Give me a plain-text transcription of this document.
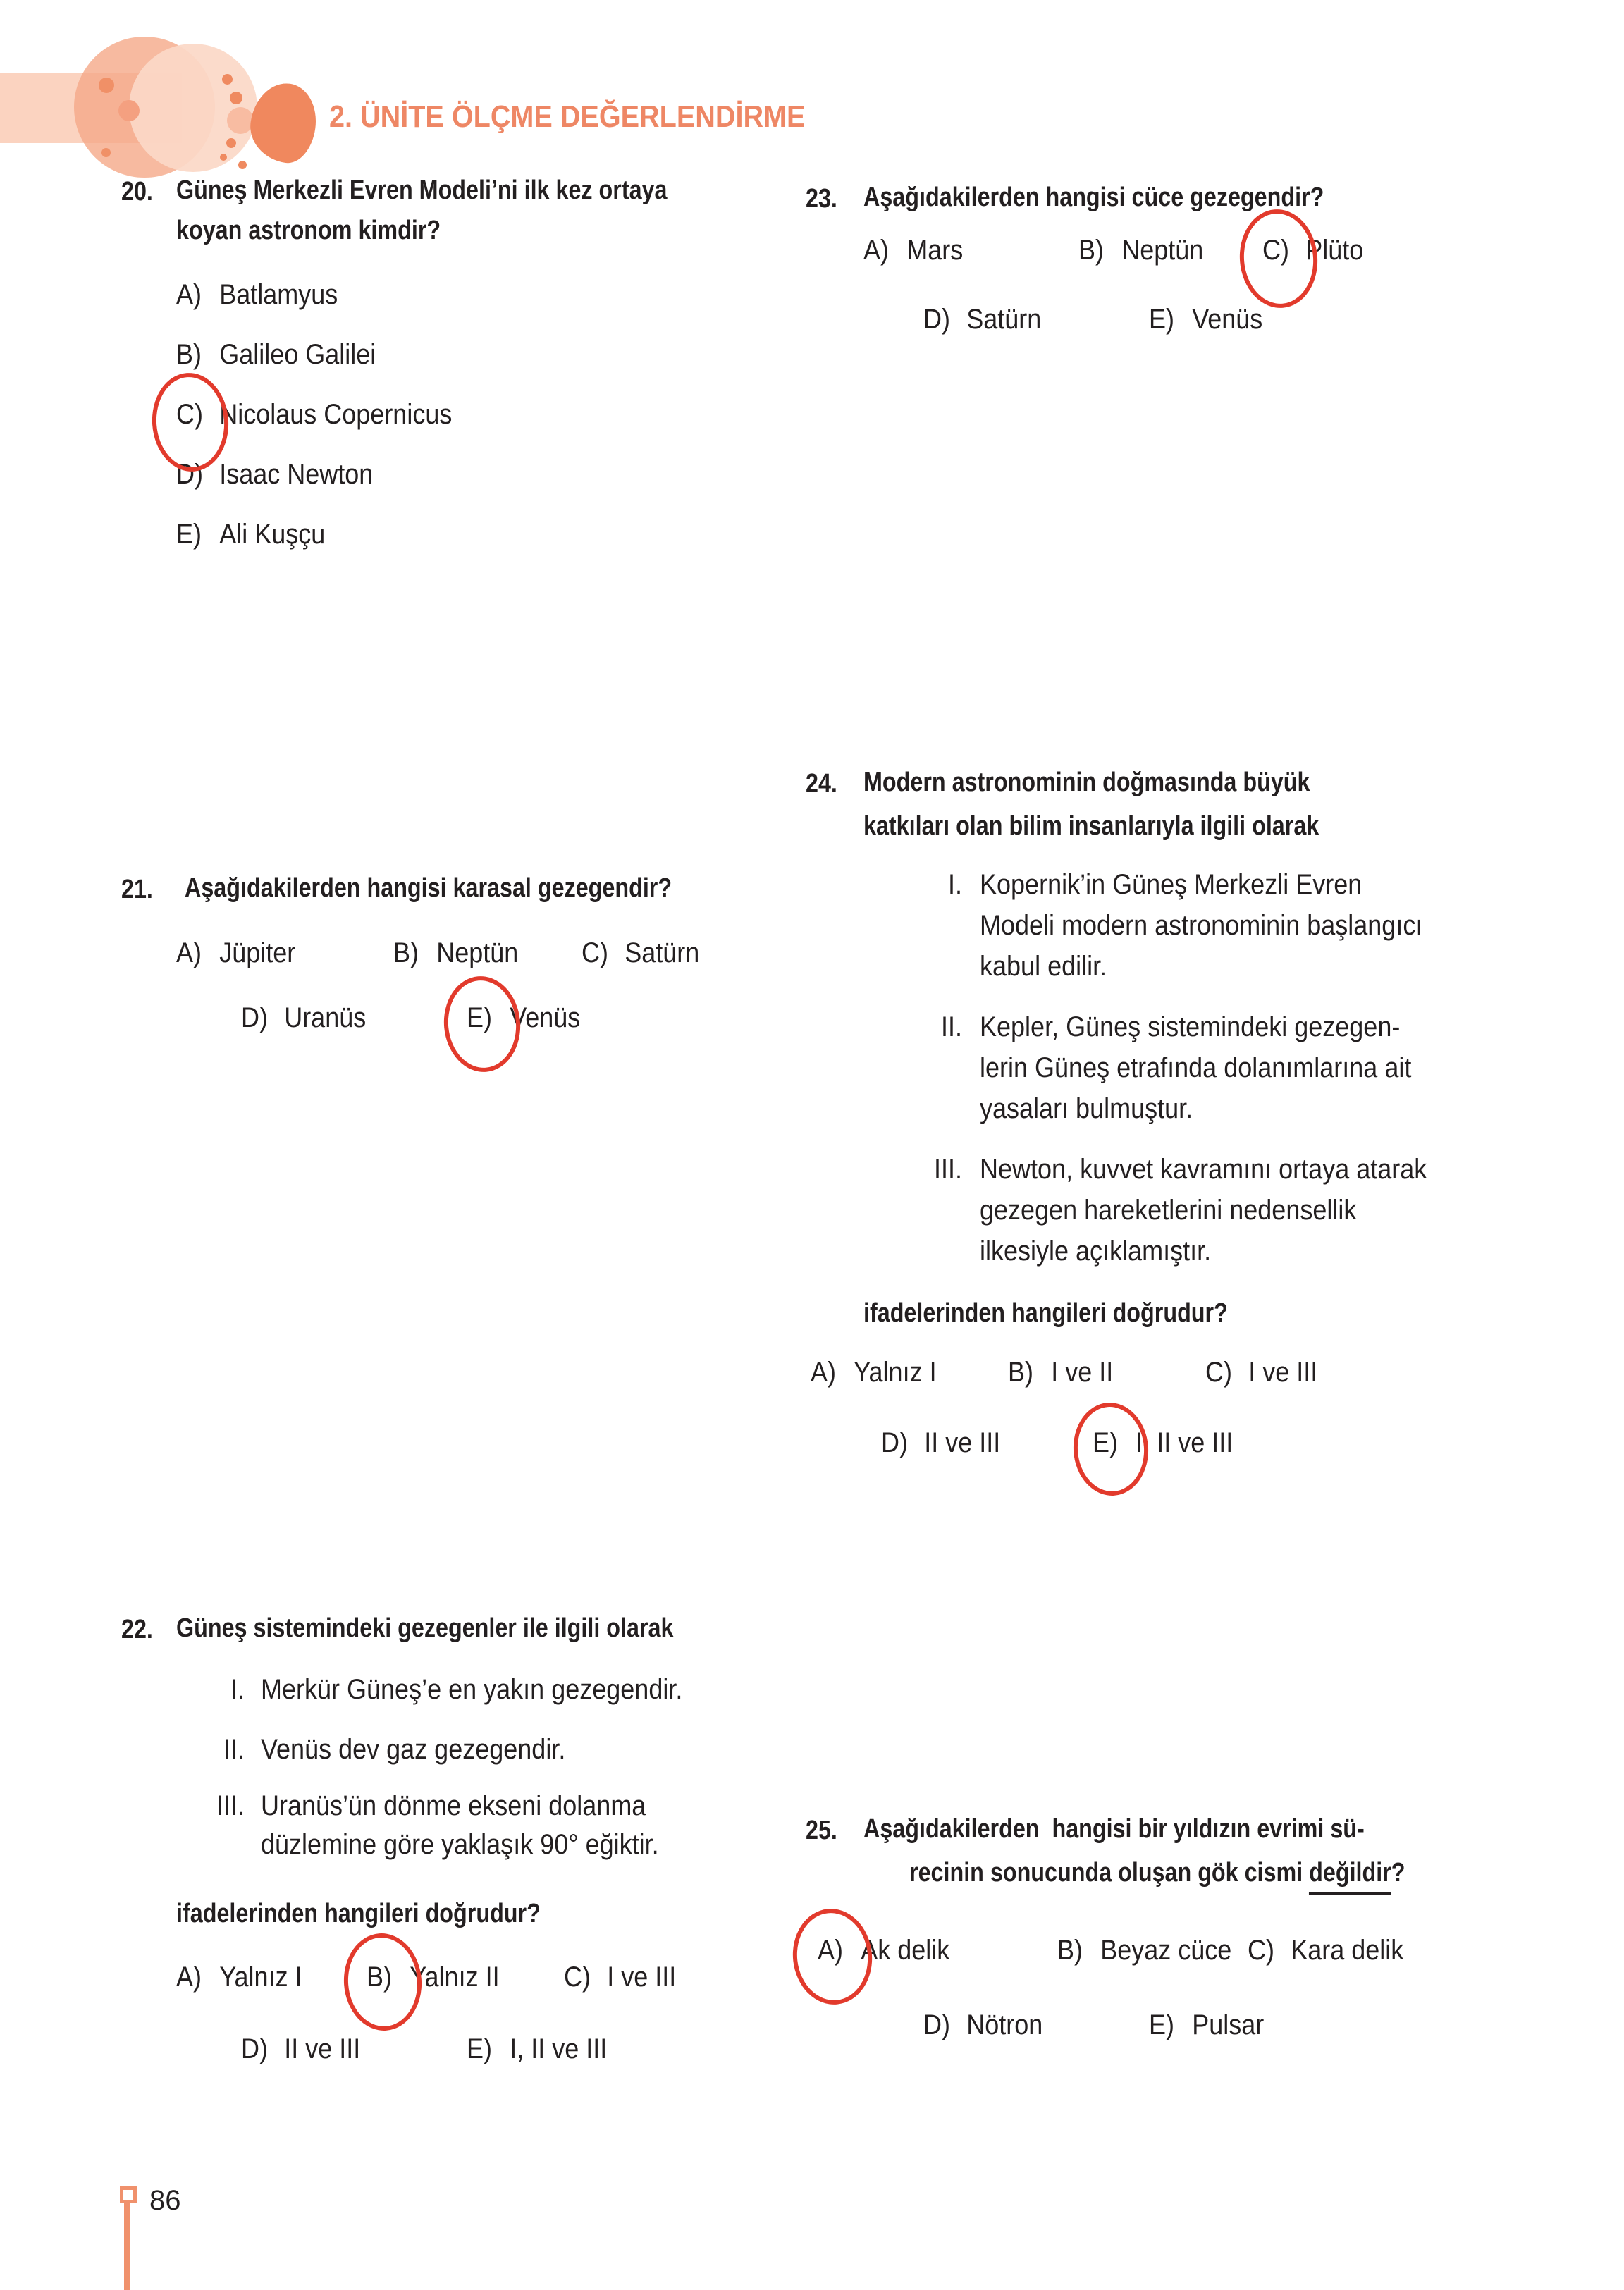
2. ÜNİTE ÖLÇME DEĞERLENDİRME
20. Güneş Merkezli Evren Modeli’ni ilk kez ortaya
koyan astronom kimdir?
A) Batlamyus
B) Galileo Galilei
C) Nicolaus Copernicus
D) Isaac Newton
E) Ali Kuşçu
21. Aşağıdakilerden hangisi karasal gezegendir?
A) Jüpiter	B) Neptün C) Satürn
D) Uranüs	E) Venüs
22. Güneş sistemindeki gezegenler ile ilgili olarak
I. Merkür Güneş’e en yakın gezegendir.
II. Venüs dev gaz gezegendir.
III. Uranüs’ün dönme ekseni dolanma
düzlemine göre yaklaşık 90° eğiktir.
ifadelerinden hangileri doğrudur?
A) Yalnız I B) Yalnız II C) I ve III
D) II ve III	E) I, II ve III
23. Aşağıdakilerden hangisi cüce gezegendir?
A) Mars	B) Neptün C) Plüto
D) Satürn	E) Venüs
24. Modern astronominin doğmasında büyük
katkıları olan bilim insanlarıyla ilgili olarak
I. Kopernik’in Güneş Merkezli Evren
Modeli modern astronominin başlangıcı
kabul edilir.
II. Kepler, Güneş sistemindeki gezegen-
lerin Güneş etrafında dolanımlarına ait
yasaları bulmuştur.
III. Newton, kuvvet kavramını ortaya atarak
gezegen hareketlerini nedensellik
ilkesiyle açıklamıştır.
ifadelerinden hangileri doğrudur?
A) Yalnız I	B) I ve II	C) I ve III
D) II ve III	E) I, II ve III
25. Aşağıdakilerden  hangisi bir yıldızın evrimi sü-
recinin sonucunda oluşan gök cismi değildir?
A) Ak delik	B) Beyaz cüce C) Kara delik
D) Nötron	E) Pulsar
86
